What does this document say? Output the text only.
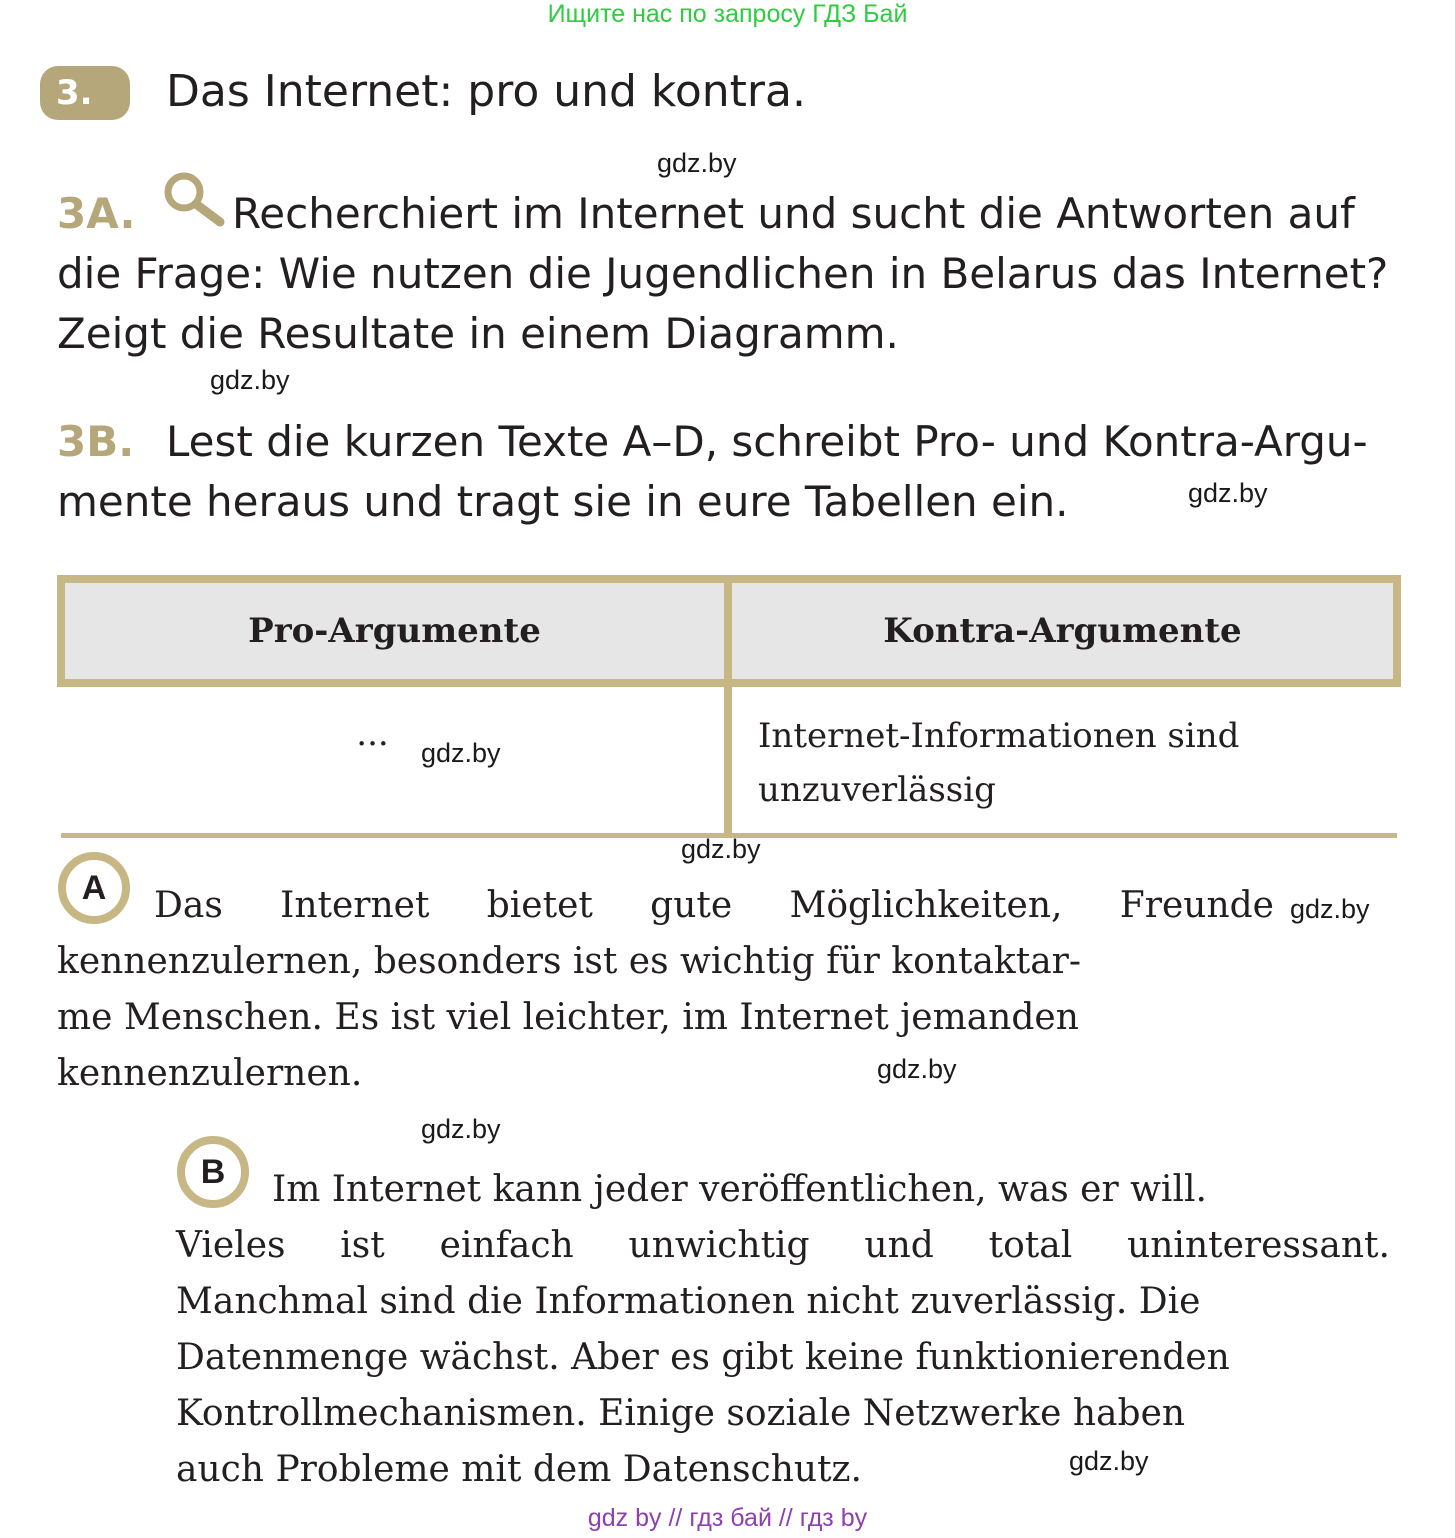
Ищите нас по запросу ГДЗ Бай
3.	Das Internet: pro und kontra.
gdz.by
3A. Recherchiert im Internet und sucht die Antworten auf
die Frage: Wie nutzen die Jugendlichen in Belarus das Internet?
Zeigt die Resultate in einem Diagramm.
gdz.by
3B. Lest die kurzen Texte A–D, schreibt Pro- und Kontra-Argu-
mente heraus und tragt sie in eure Tabellen ein.	gdz.by
Pro-Argumente	Kontra-Argumente

...	Internet-Informationen sind
unzuverlässig
gdz.by
gdz.by
A	Das Internet bietet gute Möglichkeiten, Freunde gdz.by
kennenzulernen, besonders ist es wichtig für kontaktar-
me Menschen. Es ist viel leichter, im Internet jemanden
kennenzulernen.	gdz.by
gdz.by
B	Im Internet kann jeder veröffentlichen, was er will.
Vieles ist einfach unwichtig und total uninteressant.
Manchmal sind die Informationen nicht zuverlässig. Die
Datenmenge wächst. Aber es gibt keine funktionierenden
Kontrollmechanismen. Einige soziale Netzwerke haben
auch Probleme mit dem Datenschutz.	gdz.by
gdz by // гдз бай // гдз by
